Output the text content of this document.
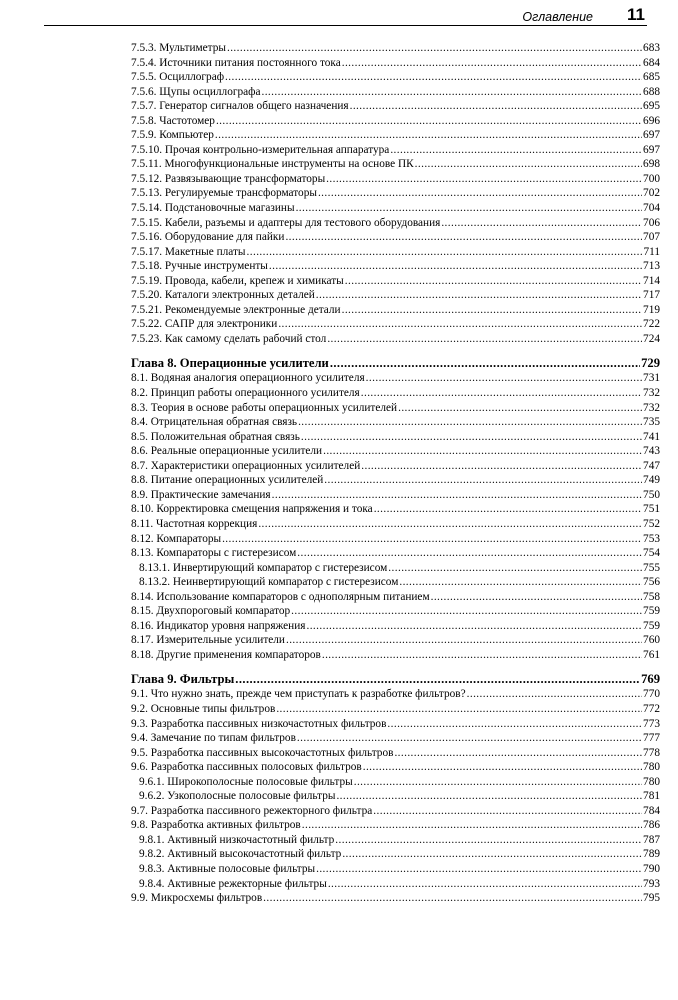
Оглавление 11
7.5.3. Мультиметры .....	683
7.5.4. Источники питания постоянного тока .....	684
7.5.5. Осциллограф .....	685
7.5.6. Щупы осциллографа .....	688
7.5.7. Генератор сигналов общего назначения .....	695
7.5.8. Частотомер .....	696
7.5.9. Компьютер .....	697
7.5.10. Прочая контрольно-измерительная аппаратура .....	697
7.5.11. Многофункциональные инструменты на основе ПК .....	698
7.5.12. Развязывающие трансформаторы .....	700
7.5.13. Регулируемые трансформаторы .....	702
7.5.14. Подстановочные магазины .....	704
7.5.15. Кабели, разъемы и адаптеры для тестового оборудования .....	706
7.5.16. Оборудование для пайки .....	707
7.5.17. Макетные платы .....	711
7.5.18. Ручные инструменты .....	713
7.5.19. Провода, кабели, крепеж и химикаты .....	714
7.5.20. Каталоги электронных деталей .....	717
7.5.21. Рекомендуемые электронные детали .....	719
7.5.22. САПР для электроники .....	722
7.5.23. Как самому сделать рабочий стол .....	724
Глава 8. Операционные усилители .....	729
8.1. Водяная аналогия операционного усилителя .....	731
8.2. Принцип работы операционного усилителя .....	732
8.3. Теория в основе работы операционных усилителей .....	732
8.4. Отрицательная обратная связь .....	735
8.5. Положительная обратная связь .....	741
8.6. Реальные операционные усилители .....	743
8.7. Характеристики операционных усилителей .....	747
8.8. Питание операционных усилителей .....	749
8.9. Практические замечания .....	750
8.10. Корректировка смещения напряжения и тока .....	751
8.11. Частотная коррекция .....	752
8.12. Компараторы .....	753
8.13. Компараторы с гистерезисом .....	754
8.13.1. Инвертирующий компаратор с гистерезисом .....	755
8.13.2. Неинвертирующий компаратор с гистерезисом .....	756
8.14. Использование компараторов с однополярным питанием .....	758
8.15. Двухпороговый компаратор .....	759
8.16. Индикатор уровня напряжения .....	759
8.17. Измерительные усилители .....	760
8.18. Другие применения компараторов .....	761
Глава 9. Фильтры .....	769
9.1. Что нужно знать, прежде чем приступать к разработке фильтров? .....	770
9.2. Основные типы фильтров .....	772
9.3. Разработка пассивных низкочастотных фильтров .....	773
9.4. Замечание по типам фильтров .....	777
9.5. Разработка пассивных высокочастотных фильтров .....	778
9.6. Разработка пассивных полосовых фильтров .....	780
9.6.1. Широкополосные полосовые фильтры .....	780
9.6.2. Узкополосные полосовые фильтры .....	781
9.7. Разработка пассивного режекторного фильтра .....	784
9.8. Разработка активных фильтров .....	786
9.8.1. Активный низкочастотный фильтр .....	787
9.8.2. Активный высокочастотный фильтр .....	789
9.8.3. Активные полосовые фильтры .....	790
9.8.4. Активные режекторные фильтры .....	793
9.9. Микросхемы фильтров .....	795
